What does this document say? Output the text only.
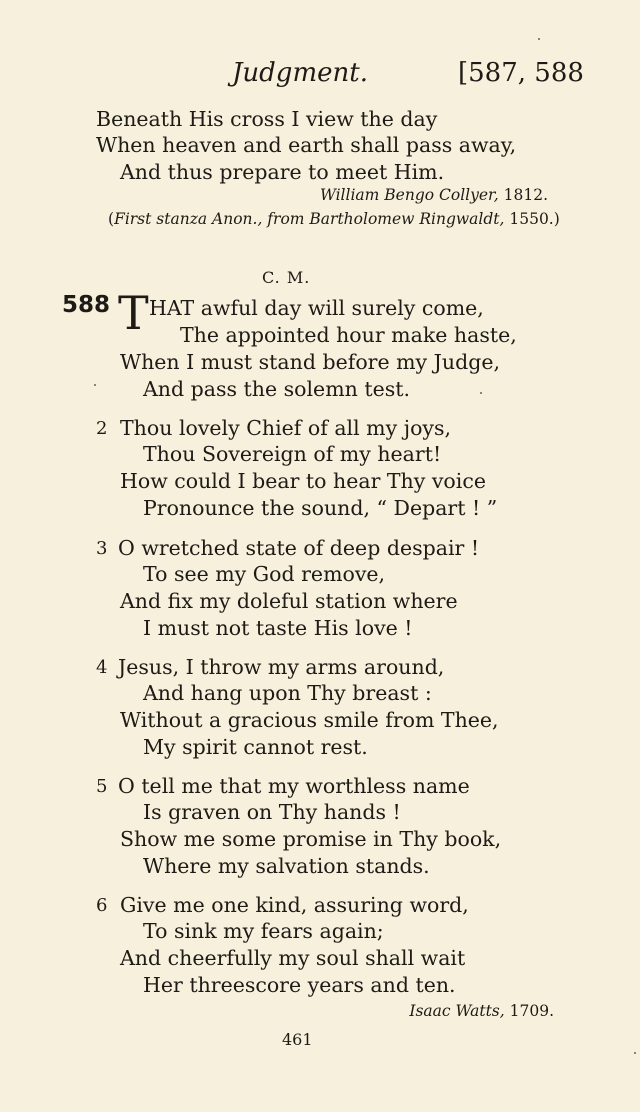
Judgment.	[587, 588
Beneath His cross I view the day
When heaven and earth shall pass away,
And thus prepare to meet Him.
William Bengo Collyer, 1812.
(First stanza Anon., from Bartholomew Ringwaldt, 1550.)
C. M.
588 T HAT awful day will surely come,
The appointed hour make haste,
When I must stand before my Judge,
And pass the solemn test.
2 Thou lovely Chief of all my joys,
Thou Sovereign of my heart!
How could I bear to hear Thy voice
Pronounce the sound, “ Depart ! ”
3 O wretched state of deep despair !
To see my God remove,
And fix my doleful station where
I must not taste His love !
4 Jesus, I throw my arms around,
And hang upon Thy breast :
Without a gracious smile from Thee,
My spirit cannot rest.
5 O tell me that my worthless name
Is graven on Thy hands !
Show me some promise in Thy book,
Where my salvation stands.
6 Give me one kind, assuring word,
To sink my fears again;
And cheerfully my soul shall wait
Her threescore years and ten.
Isaac Watts, 1709.
461
